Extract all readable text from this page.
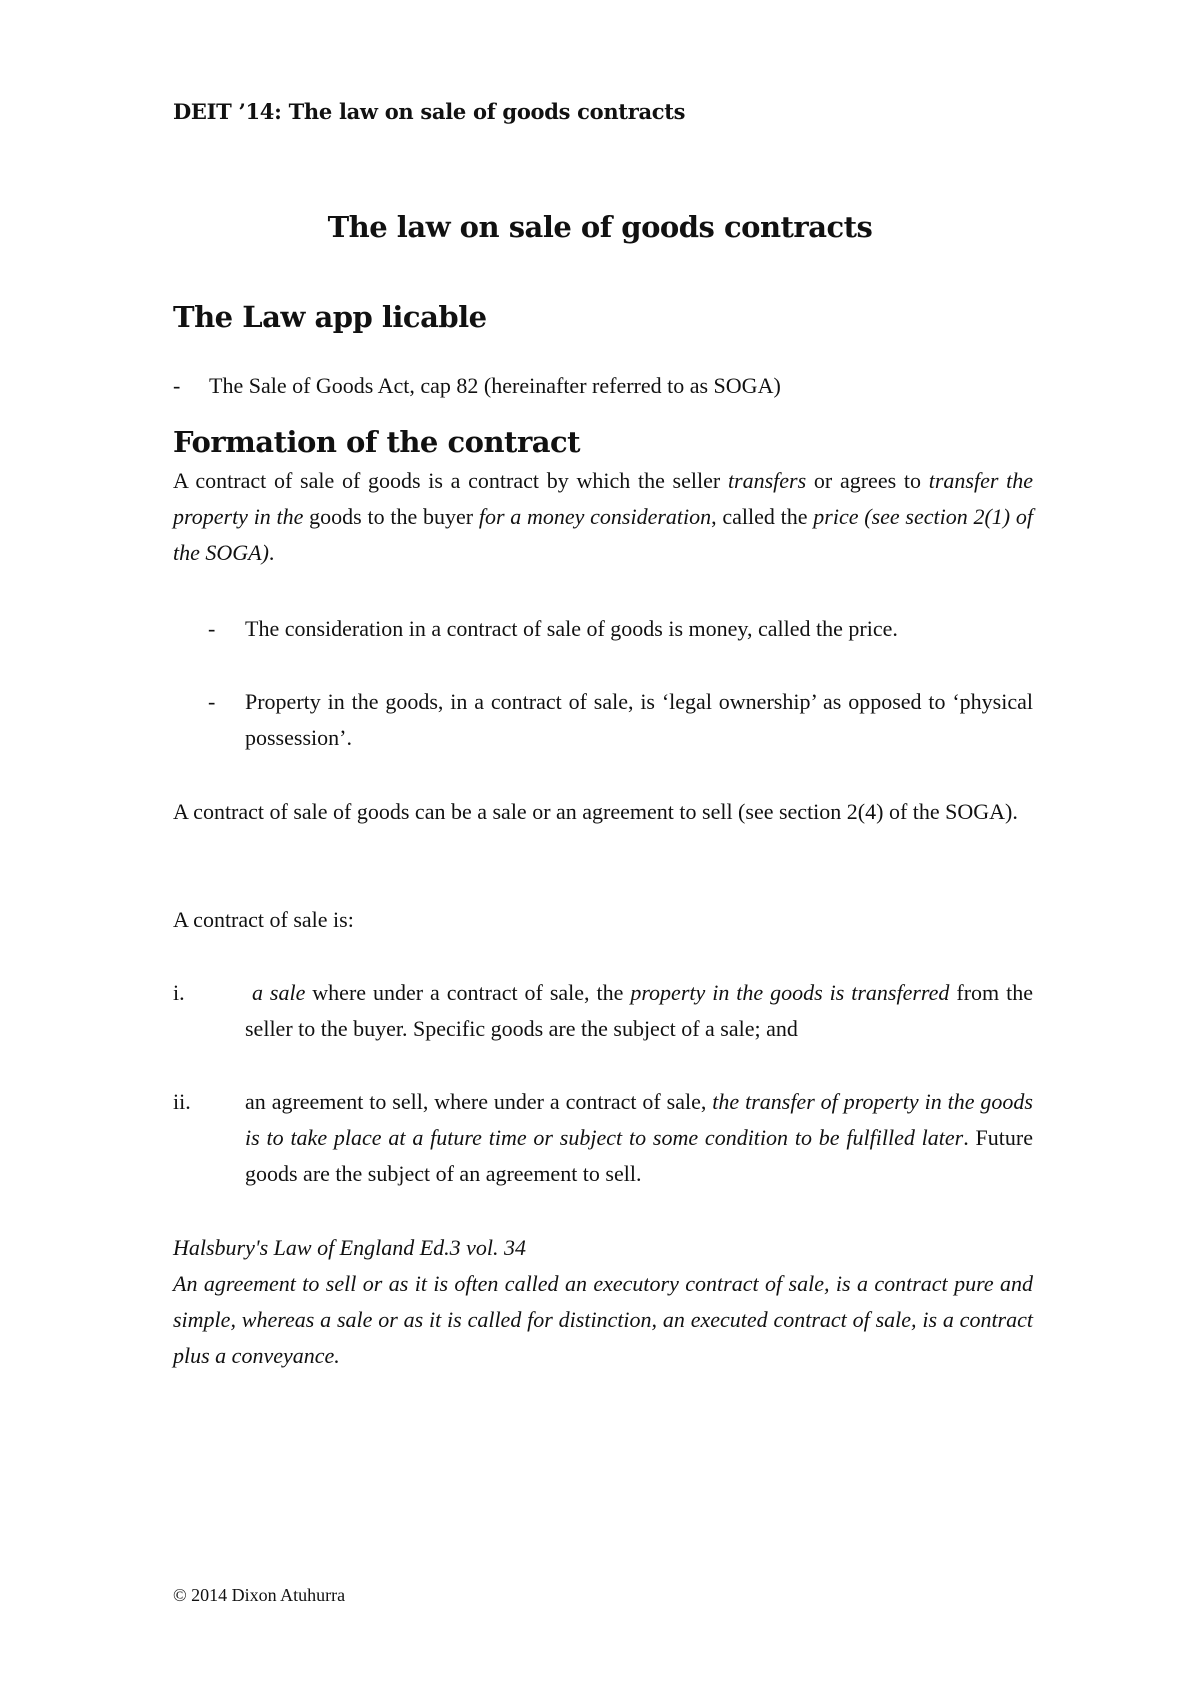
DEIT ’14: The law on sale of goods contracts
The law on sale of goods contracts
The Law app licable
- The Sale of Goods Act, cap 82 (hereinafter referred to as SOGA)
Formation of the contract
A contract of sale of goods is a contract by which the seller transfers or agrees to transfer the property in the goods to the buyer for a money consideration, called the price (see section 2(1) of the SOGA).
- The consideration in a contract of sale of goods is money, called the price.
- Property in the goods, in a contract of sale, is ‘legal ownership’ as opposed to ‘physical possession’.
A contract of sale of goods can be a sale or an agreement to sell (see section 2(4) of the SOGA).
A contract of sale is:
i.	a sale where under a contract of sale, the property in the goods is transferred from the seller to the buyer. Specific goods are the subject of a sale; and
ii. an agreement to sell, where under a contract of sale, the transfer of property in the goods is to take place at a future time or subject to some condition to be fulfilled later. Future goods are the subject of an agreement to sell.
Halsbury's Law of England Ed.3 vol. 34
An agreement to sell or as it is often called an executory contract of sale, is a contract pure and simple, whereas a sale or as it is called for distinction, an executed contract of sale, is a contract plus a conveyance.
© 2014 Dixon Atuhurra
